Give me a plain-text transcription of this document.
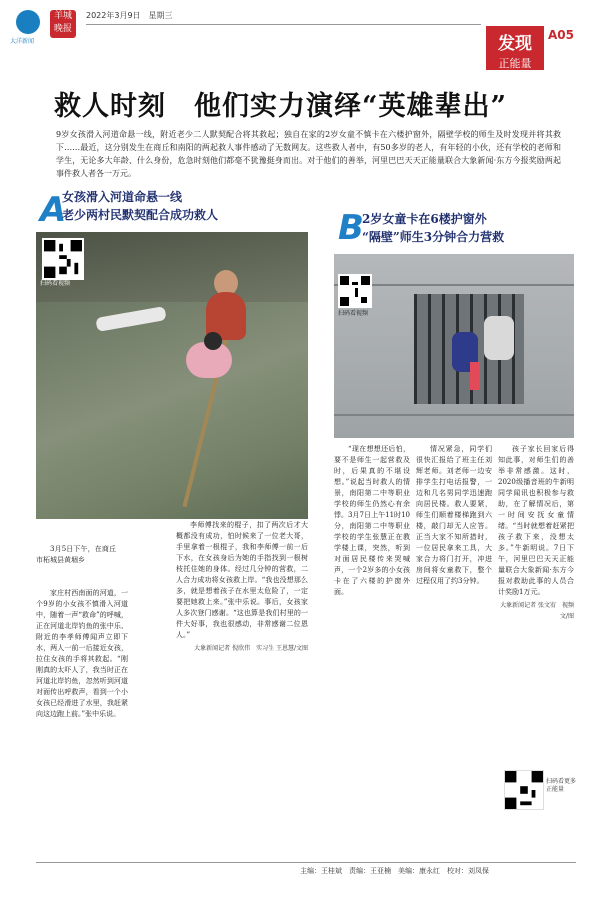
大洋新闻
羊城晚报
2022年3月9日　星期三
发现
正能量
A05
救人时刻　他们实力演绎“英雄辈出”
9岁女孩滑入河道命悬一线，附近老少二人默契配合将其救起；独自在家的2岁女童不慎卡在六楼护窗外，隔壁学校的师生及时发现并将其救下……最近，这分别发生在商丘和南阳的两起救人事件感动了无数网友。这些救人者中，有50多岁的老人，有年轻的小伙，还有学校的老师和学生，无论多大年龄、什么身份，危急时刻他们都毫不犹豫挺身而出。对于他们的善举，河里巴巴天天正能量联合大象新闻·东方今报奖励两起事件救人者各一万元。
A
女孩滑入河道命悬一线
老少两村民默契配合成功救人	B
2岁女童卡在6楼护窗外
“隔壁”师生3分钟合力营救
扫码看视频
扫码看视频

3月5日下午，在商丘市柘城县黄堌乡

家庄村西南面的河道，一个9岁的小女孩不慎滑入河道中，随着一声“救命”的呼喊，正在河道北岸钓鱼的张中乐、附近的李孝师傅闻声立即下水，两人一前一后接近女孩，拉住女孩的手将其救起。“刚刚真的太吓人了，我当时正在河道北岸钓鱼，忽然听到河道对面传出呼救声，看到一个小女孩已经滑进了水里，我赶紧向这边跑上前。”张中乐说。

李师傅找来的棍子，扣了两次后才大概都没有成功，怕时候来了一位老大哥，手里拿着一根棍子，我和李师傅一前一后下水，在女孩身后为她的手指找到一根树枝托住她的身体。经过几分钟的营救，二人合力成功将女孩救上岸。“我也没想那么多，就是想着孩子在水里太危险了，一定要把她救上来。”张中乐说。事后，女孩家人多次登门感谢。“这也算是我们村里的一件大好事，我也很感动，非常感谢二位恩人。”

大象新闻记者 倪欣伟　实习生 王恩慧/文图

“现在想想还后怕，要不是师生一起营救及时，后果真的不堪设想。”说起当时救人的情景，南阳第二中等职业学校的师生仍然心有余悸。3月7日上午11时10分，南阳第二中等职业学校的学生张慧正在教学楼上课，突然，听到对面居民楼传来哭喊声，一个2岁多的小女孩卡在了六楼的护窗外面。

情况紧急，同学们很快汇报给了班主任刘辉老师。刘老师一边安排学生打电话报警，一边和几名男同学迅速跑向居民楼。救人要紧，师生们顺着楼梯跑到六楼，敲门却无人应答。正当大家不知所措时，一位居民拿来工具，大家合力将门打开，冲进房间将女童救下，整个过程仅用了约3分钟。

孩子家长回家后得知此事，对师生们的善举非常感激。这时，2020级播音班的牛新明同学闻讯也积极参与救助，在了解情况后，第一时间安抚女童情绪。“当时就想着赶紧把孩子救下来，没想太多。”牛新明说。7日下午，河里巴巴天天正能量联合大象新闻·东方今报对救助此事的人员合计奖励1万元。

大象新闻记者 张文宥　视频 文/图
扫码看更多正能量
主编：王桂斌　责编：王亚楠　美编：康永红　校对：刘凤保
